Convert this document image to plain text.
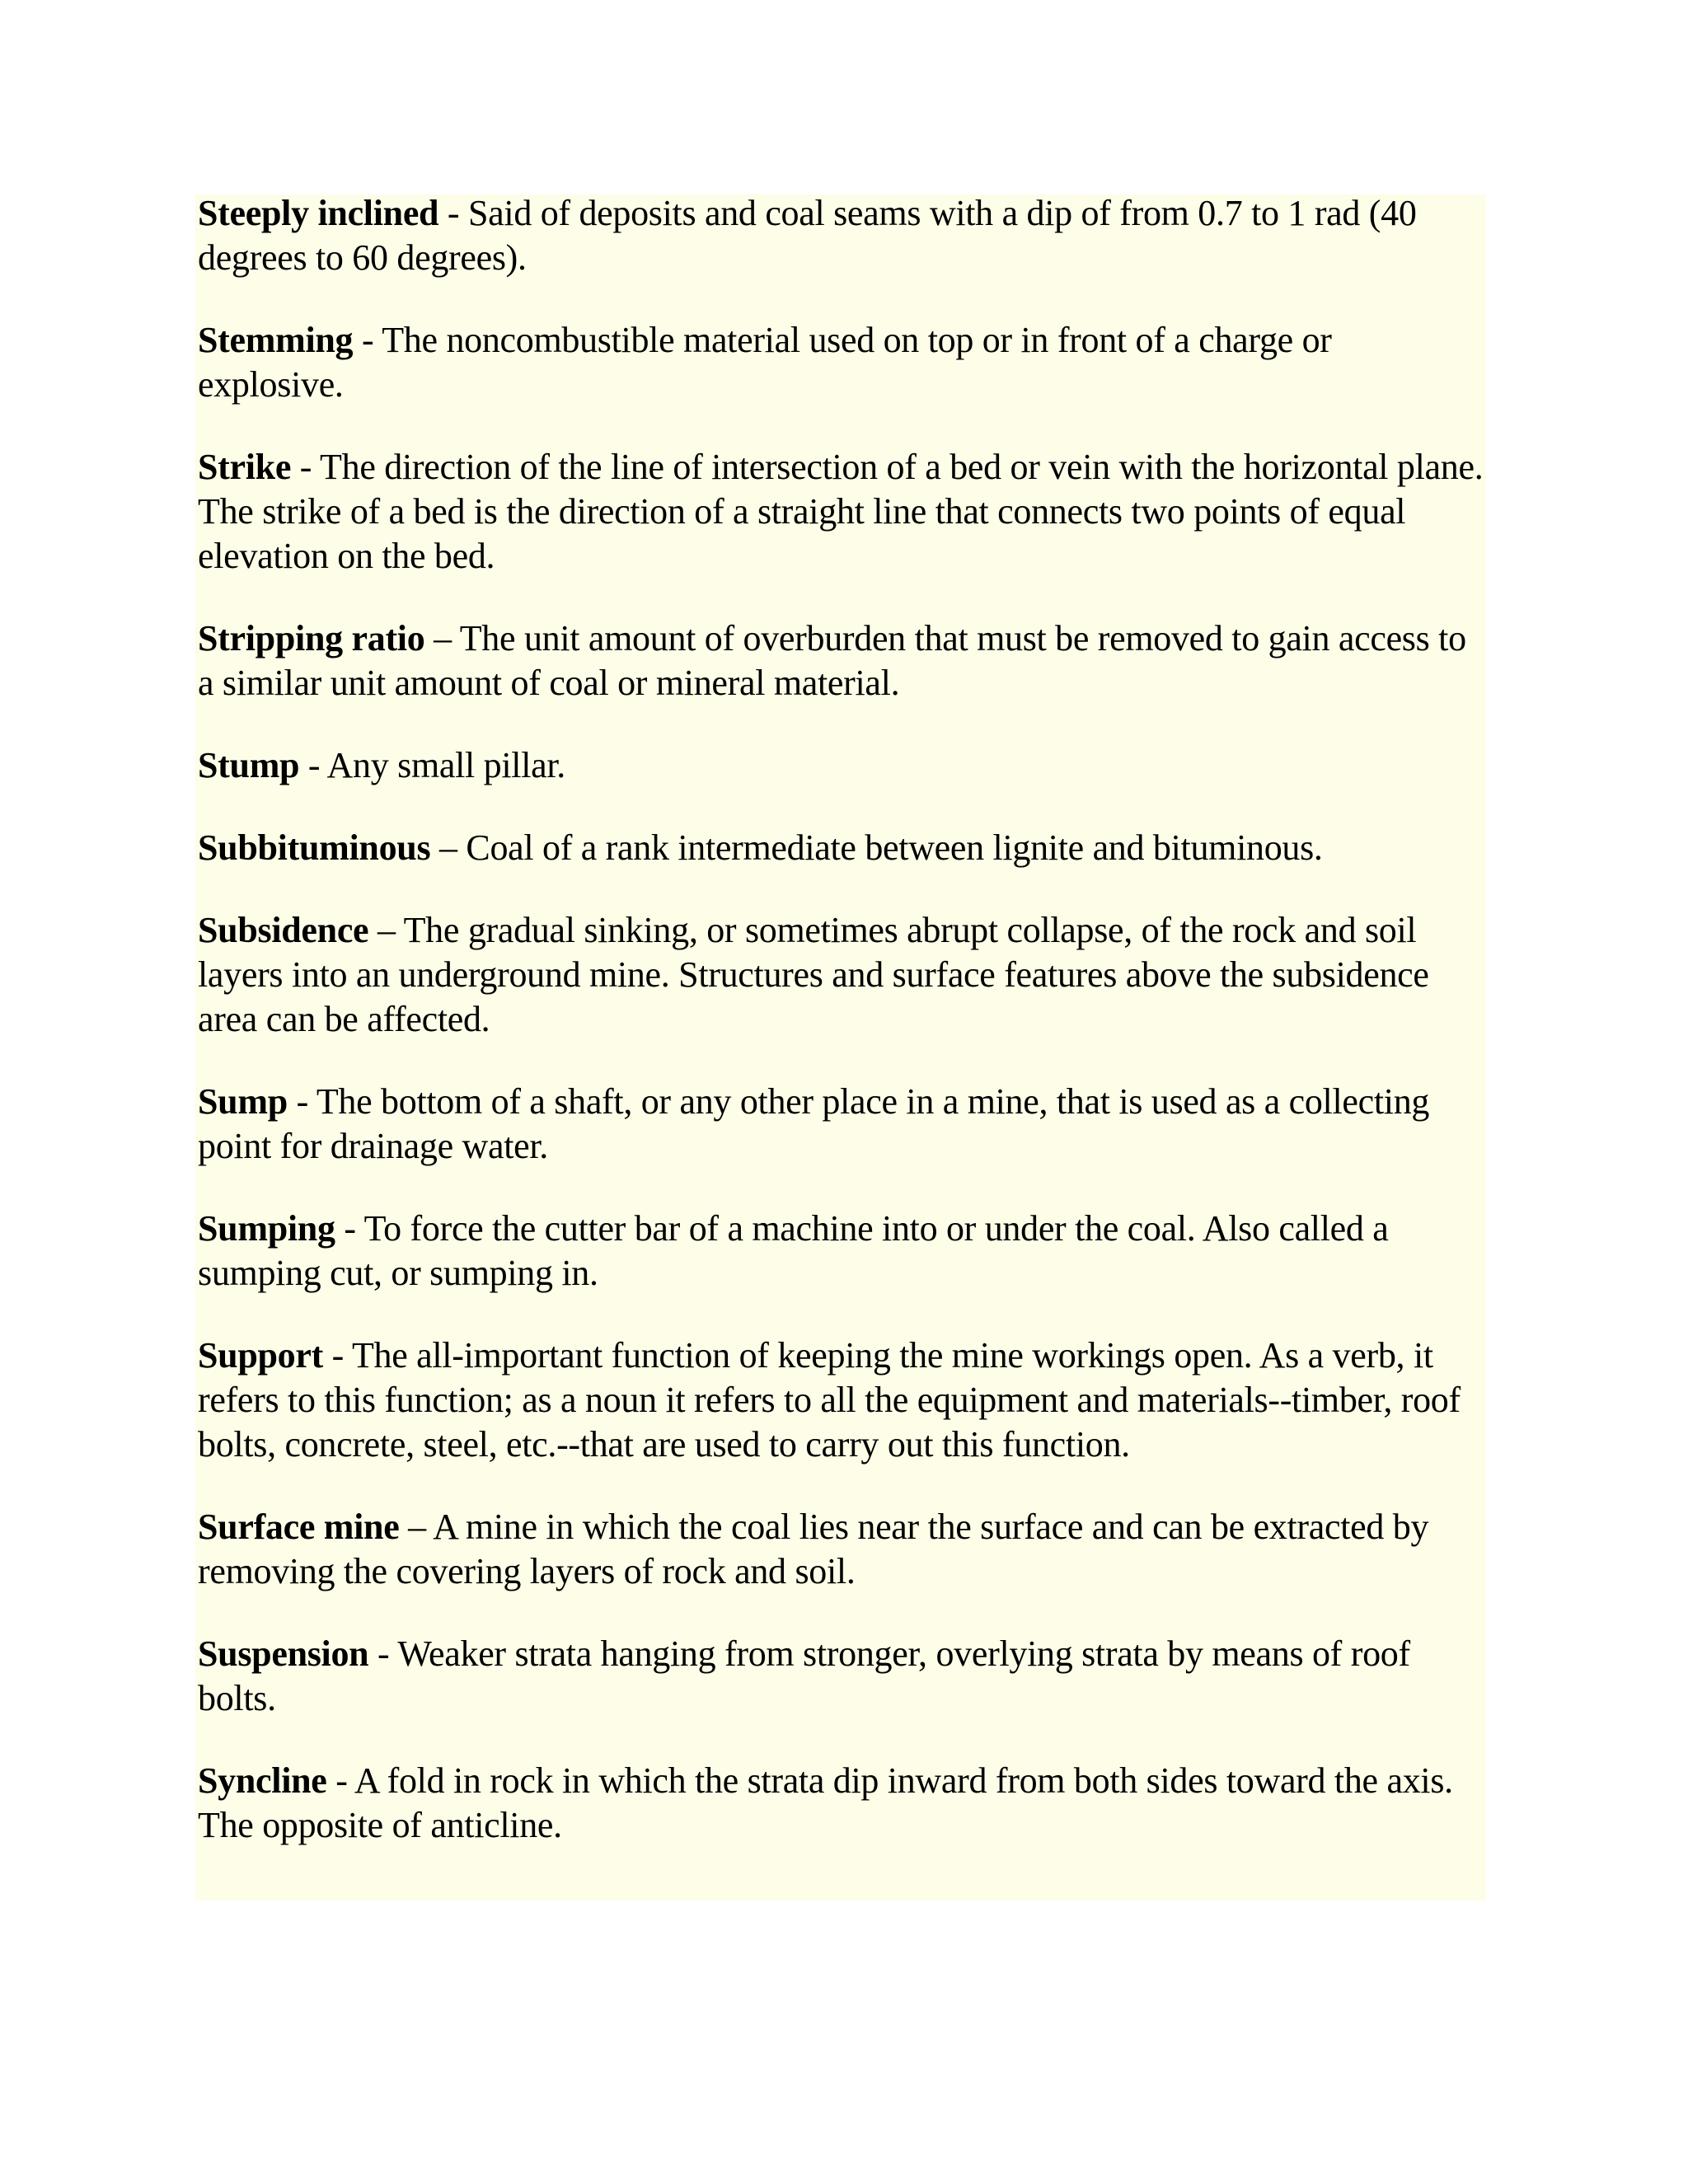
Steeply inclined - Said of deposits and coal seams with a dip of from 0.7 to 1 rad (40 degrees to 60 degrees).

Stemming - The noncombustible material used on top or in front of a charge or explosive.

Strike - The direction of the line of intersection of a bed or vein with the horizontal plane. The strike of a bed is the direction of a straight line that connects two points of equal elevation on the bed.

Stripping ratio – The unit amount of overburden that must be removed to gain access to a similar unit amount of coal or mineral material.

Stump - Any small pillar.

Subbituminous – Coal of a rank intermediate between lignite and bituminous.

Subsidence – The gradual sinking, or sometimes abrupt collapse, of the rock and soil layers into an underground mine. Structures and surface features above the subsidence area can be affected.

Sump - The bottom of a shaft, or any other place in a mine, that is used as a collecting point for drainage water.

Sumping - To force the cutter bar of a machine into or under the coal. Also called a sumping cut, or sumping in.

Support - The all-important function of keeping the mine workings open. As a verb, it refers to this function; as a noun it refers to all the equipment and materials--timber, roof bolts, concrete, steel, etc.--that are used to carry out this function.

Surface mine – A mine in which the coal lies near the surface and can be extracted by removing the covering layers of rock and soil.

Suspension - Weaker strata hanging from stronger, overlying strata by means of roof bolts.

Syncline - A fold in rock in which the strata dip inward from both sides toward the axis. The opposite of anticline.
